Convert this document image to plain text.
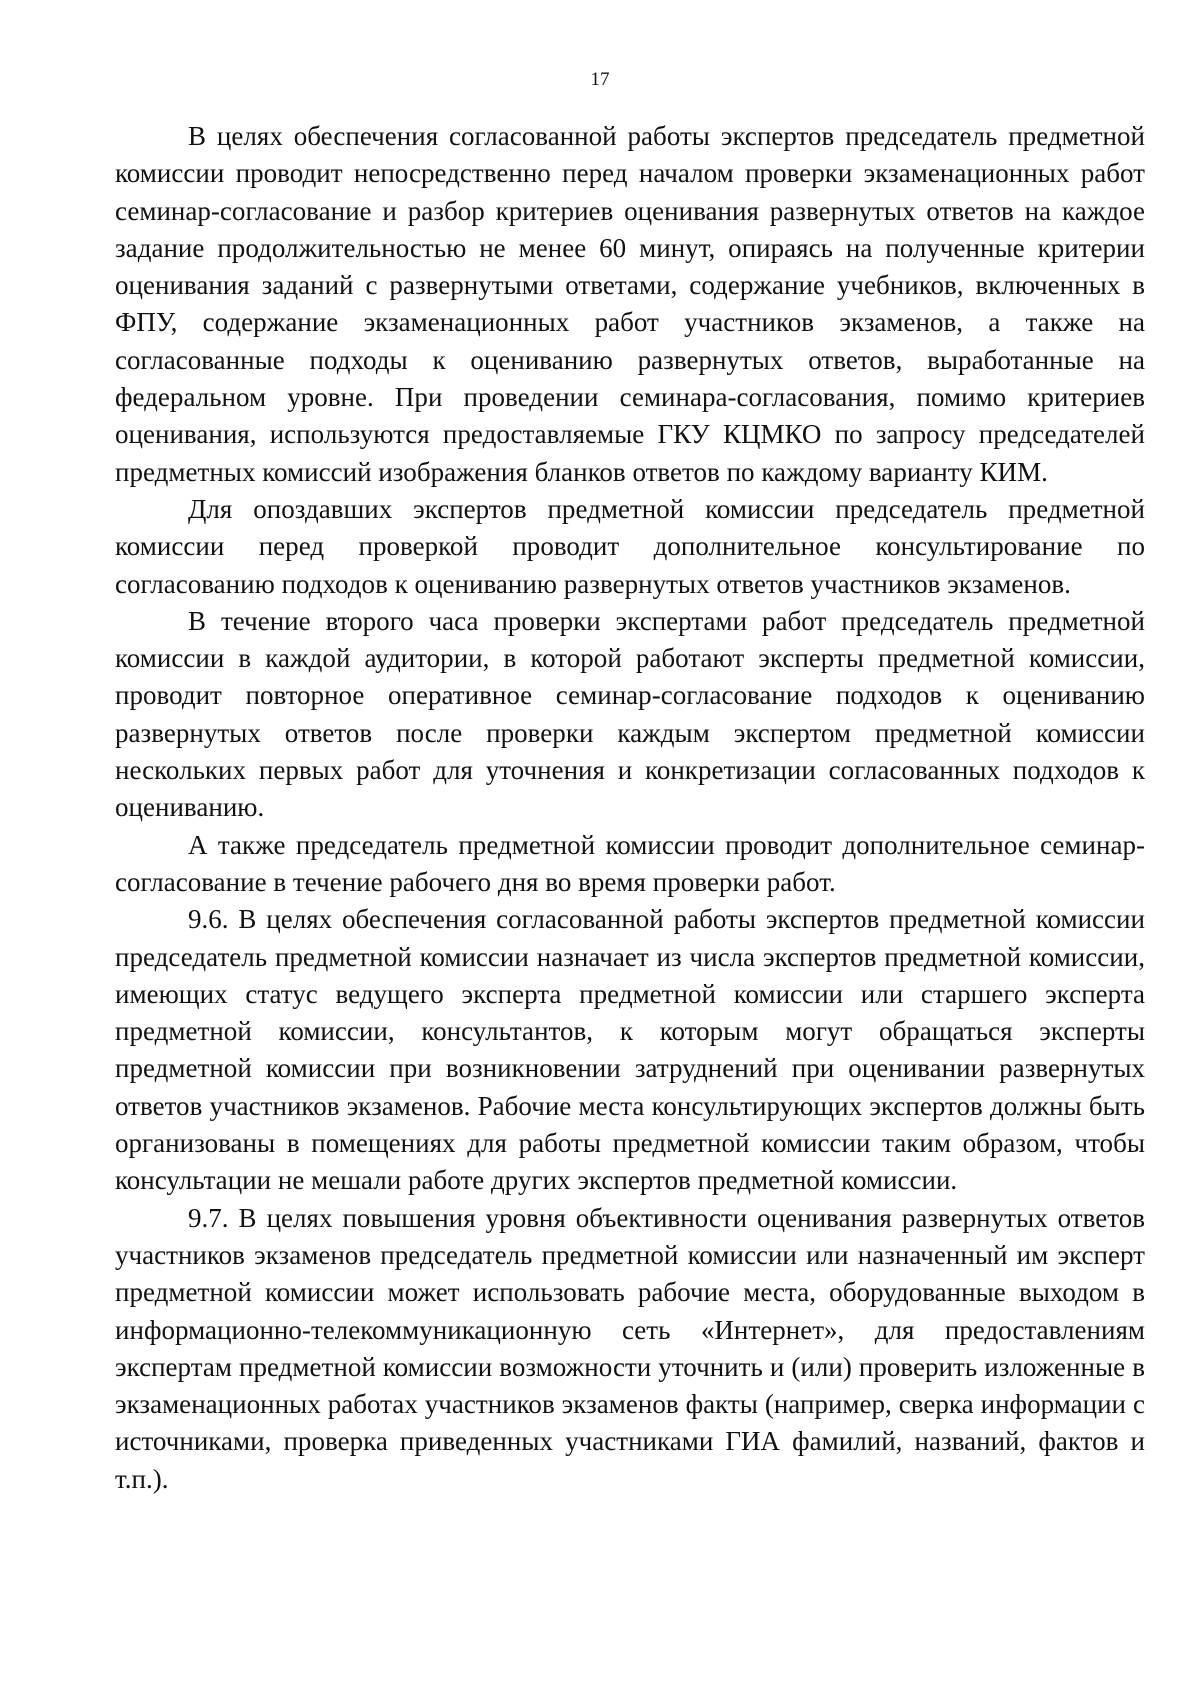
17

В целях обеспечения согласованной работы экспертов председатель предметной комиссии проводит непосредственно перед началом проверки экзаменационных работ семинар-согласование и разбор критериев оценивания развернутых ответов на каждое задание продолжительностью не менее 60 минут, опираясь на полученные критерии оценивания заданий с развернутыми ответами, содержание учебников, включенных в ФПУ, содержание экзаменационных работ участников экзаменов, а также на согласованные подходы к оцениванию развернутых ответов, выработанные на федеральном уровне. При проведении семинара-согласования, помимо критериев оценивания, используются предоставляемые ГКУ КЦМКО по запросу председателей предметных комиссий изображения бланков ответов по каждому варианту КИМ.

Для опоздавших экспертов предметной комиссии председатель предметной комиссии перед проверкой проводит дополнительное консультирование по согласованию подходов к оцениванию развернутых ответов участников экзаменов.

В течение второго часа проверки экспертами работ председатель предметной комиссии в каждой аудитории, в которой работают эксперты предметной комиссии, проводит повторное оперативное семинар-согласование подходов к оцениванию развернутых ответов после проверки каждым экспертом предметной комиссии нескольких первых работ для уточнения и конкретизации согласованных подходов к оцениванию.

А также председатель предметной комиссии проводит дополнительное семинар-согласование в течение рабочего дня во время проверки работ.

9.6. В целях обеспечения согласованной работы экспертов предметной комиссии председатель предметной комиссии назначает из числа экспертов предметной комиссии, имеющих статус ведущего эксперта предметной комиссии или старшего эксперта предметной комиссии, консультантов, к которым могут обращаться эксперты предметной комиссии при возникновении затруднений при оценивании развернутых ответов участников экзаменов. Рабочие места консультирующих экспертов должны быть организованы в помещениях для работы предметной комиссии таким образом, чтобы консультации не мешали работе других экспертов предметной комиссии.

9.7. В целях повышения уровня объективности оценивания развернутых ответов участников экзаменов председатель предметной комиссии или назначенный им эксперт предметной комиссии может использовать рабочие места, оборудованные выходом в информационно-телекоммуникационную сеть «Интернет», для предоставлениям экспертам предметной комиссии возможности уточнить и (или) проверить изложенные в экзаменационных работах участников экзаменов факты (например, сверка информации с источниками, проверка приведенных участниками ГИА фамилий, названий, фактов и т.п.).
